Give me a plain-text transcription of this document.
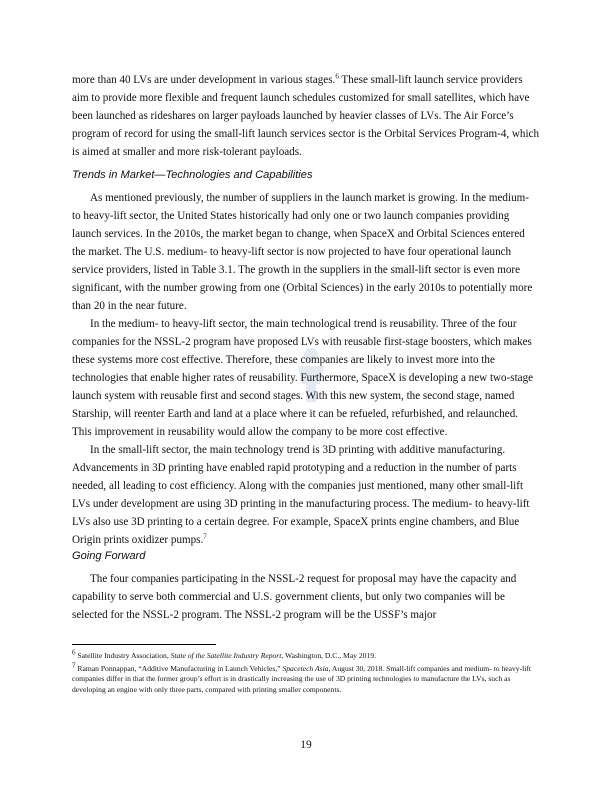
more than 40 LVs are under development in various stages.$^6$ These small-lift launch service providers aim to provide more flexible and frequent launch schedules customized for small satellites, which have been launched as rideshares on larger payloads launched by heavier classes of LVs. The Air Force’s program of record for using the small-lift launch services sector is the Orbital Services Program-4, which is aimed at smaller and more risk-tolerant payloads.

Trends in Market—Technologies and Capabilities

As mentioned previously, the number of suppliers in the launch market is growing. In the medium- to heavy-lift sector, the United States historically had only one or two launch companies providing launch services. In the 2010s, the market began to change, when SpaceX and Orbital Sciences entered the market. The U.S. medium- to heavy-lift sector is now projected to have four operational launch service providers, listed in Table 3.1. The growth in the suppliers in the small-lift sector is even more significant, with the number growing from one (Orbital Sciences) in the early 2010s to potentially more than 20 in the near future.

In the medium- to heavy-lift sector, the main technological trend is reusability. Three of the four companies for the NSSL-2 program have proposed LVs with reusable first-stage boosters, which makes these systems more cost effective. Therefore, these companies are likely to invest more into the technologies that enable higher rates of reusability. Furthermore, SpaceX is developing a new two-stage launch system with reusable first and second stages. With this new system, the second stage, named Starship, will reenter Earth and land at a place where it can be refueled, refurbished, and relaunched. This improvement in reusability would allow the company to be more cost effective.

In the small-lift sector, the main technology trend is 3D printing with additive manufacturing. Advancements in 3D printing have enabled rapid prototyping and a reduction in the number of parts needed, all leading to cost efficiency. Along with the companies just mentioned, many other small-lift LVs under development are using 3D printing in the manufacturing process. The medium- to heavy-lift LVs also use 3D printing to a certain degree. For example, SpaceX prints engine chambers, and Blue Origin prints oxidizer pumps.$^7$

Going Forward

The four companies participating in the NSSL-2 request for proposal may have the capacity and capability to serve both commercial and U.S. government clients, but only two companies will be selected for the NSSL-2 program. The NSSL-2 program will be the USSF’s major

$^6$ Satellite Industry Association, State of the Satellite Industry Report, Washington, D.C., May 2019.

$^7$ Raman Ponnappan, “Additive Manufacturing in Launch Vehicles,” Spacetech Asia, August 30, 2018. Small-lift companies and medium- to heavy-lift companies differ in that the former group’s effort is in drastically increasing the use of 3D printing technologies to manufacture the LVs, such as developing an engine with only three parts, compared with printing smaller components.

19
